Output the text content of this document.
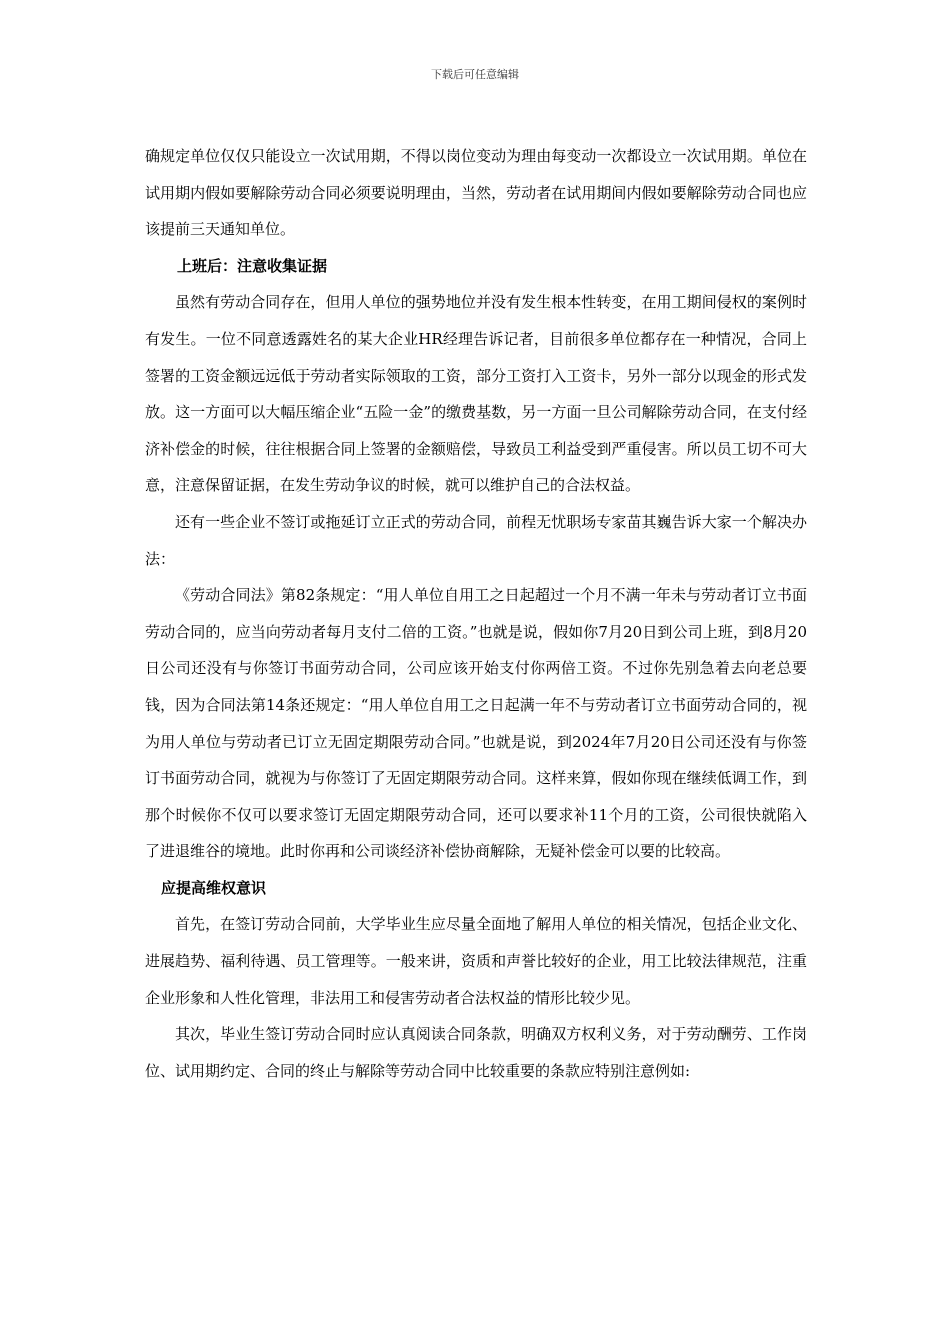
下载后可任意编辑

确规定单位仅仅只能设立一次试用期，不得以岗位变动为理由每变动一次都设立一次试用期。单位在试用期内假如要解除劳动合同必须要说明理由，当然，劳动者在试用期间内假如要解除劳动合同也应该提前三天通知单位。

上班后：注意收集证据

虽然有劳动合同存在，但用人单位的强势地位并没有发生根本性转变，在用工期间侵权的案例时有发生。一位不同意透露姓名的某大企业HR经理告诉记者，目前很多单位都存在一种情况，合同上签署的工资金额远远低于劳动者实际领取的工资，部分工资打入工资卡，另外一部分以现金的形式发放。这一方面可以大幅压缩企业“五险一金”的缴费基数，另一方面一旦公司解除劳动合同，在支付经济补偿金的时候，往往根据合同上签署的金额赔偿，导致员工利益受到严重侵害。所以员工切不可大意，注意保留证据，在发生劳动争议的时候，就可以维护自己的合法权益。

还有一些企业不签订或拖延订立正式的劳动合同，前程无忧职场专家苗其巍告诉大家一个解决办法：

《劳动合同法》第82条规定：“用人单位自用工之日起超过一个月不满一年未与劳动者订立书面劳动合同的，应当向劳动者每月支付二倍的工资。”也就是说，假如你7月20日到公司上班，到8月20日公司还没有与你签订书面劳动合同，公司应该开始支付你两倍工资。不过你先别急着去向老总要钱，因为合同法第14条还规定：“用人单位自用工之日起满一年不与劳动者订立书面劳动合同的，视为用人单位与劳动者已订立无固定期限劳动合同。”也就是说，到2024年7月20日公司还没有与你签订书面劳动合同，就视为与你签订了无固定期限劳动合同。这样来算，假如你现在继续低调工作，到那个时候你不仅可以要求签订无固定期限劳动合同，还可以要求补11个月的工资，公司很快就陷入了进退维谷的境地。此时你再和公司谈经济补偿协商解除，无疑补偿金可以要的比较高。

应提高维权意识

首先，在签订劳动合同前，大学毕业生应尽量全面地了解用人单位的相关情况，包括企业文化、进展趋势、福利待遇、员工管理等。一般来讲，资质和声誉比较好的企业，用工比较法律规范，注重企业形象和人性化管理，非法用工和侵害劳动者合法权益的情形比较少见。

其次，毕业生签订劳动合同时应认真阅读合同条款，明确双方权利义务，对于劳动酬劳、工作岗位、试用期约定、合同的终止与解除等劳动合同中比较重要的条款应特别注意例如:
